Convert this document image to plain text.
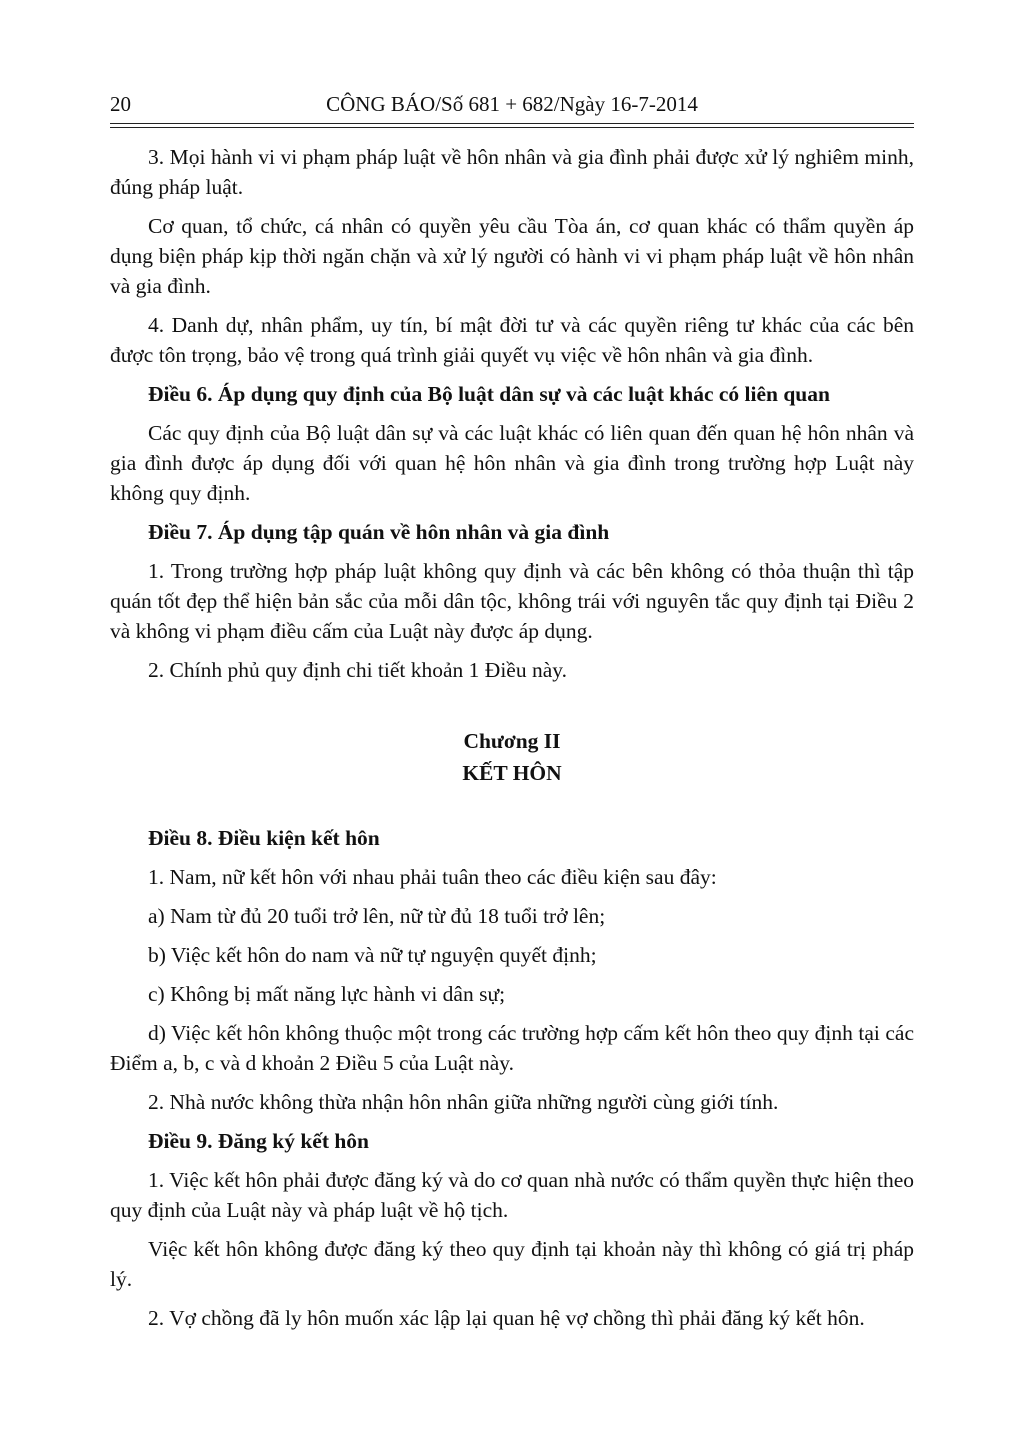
20	CÔNG BÁO/Số 681 + 682/Ngày 16-7-2014

3. Mọi hành vi vi phạm pháp luật về hôn nhân và gia đình phải được xử lý nghiêm minh, đúng pháp luật.

Cơ quan, tổ chức, cá nhân có quyền yêu cầu Tòa án, cơ quan khác có thẩm quyền áp dụng biện pháp kịp thời ngăn chặn và xử lý người có hành vi vi phạm pháp luật về hôn nhân và gia đình.

4. Danh dự, nhân phẩm, uy tín, bí mật đời tư và các quyền riêng tư khác của các bên được tôn trọng, bảo vệ trong quá trình giải quyết vụ việc về hôn nhân và gia đình.

Điều 6. Áp dụng quy định của Bộ luật dân sự và các luật khác có liên quan

Các quy định của Bộ luật dân sự và các luật khác có liên quan đến quan hệ hôn nhân và gia đình được áp dụng đối với quan hệ hôn nhân và gia đình trong trường hợp Luật này không quy định.

Điều 7. Áp dụng tập quán về hôn nhân và gia đình

1. Trong trường hợp pháp luật không quy định và các bên không có thỏa thuận thì tập quán tốt đẹp thể hiện bản sắc của mỗi dân tộc, không trái với nguyên tắc quy định tại Điều 2 và không vi phạm điều cấm của Luật này được áp dụng.

2. Chính phủ quy định chi tiết khoản 1 Điều này.

Chương II
KẾT HÔN

Điều 8. Điều kiện kết hôn

1. Nam, nữ kết hôn với nhau phải tuân theo các điều kiện sau đây:

a) Nam từ đủ 20 tuổi trở lên, nữ từ đủ 18 tuổi trở lên;

b) Việc kết hôn do nam và nữ tự nguyện quyết định;

c) Không bị mất năng lực hành vi dân sự;

d) Việc kết hôn không thuộc một trong các trường hợp cấm kết hôn theo quy định tại các Điểm a, b, c và d khoản 2 Điều 5 của Luật này.

2. Nhà nước không thừa nhận hôn nhân giữa những người cùng giới tính.

Điều 9. Đăng ký kết hôn

1. Việc kết hôn phải được đăng ký và do cơ quan nhà nước có thẩm quyền thực hiện theo quy định của Luật này và pháp luật về hộ tịch.

Việc kết hôn không được đăng ký theo quy định tại khoản này thì không có giá trị pháp lý.

2. Vợ chồng đã ly hôn muốn xác lập lại quan hệ vợ chồng thì phải đăng ký kết hôn.
